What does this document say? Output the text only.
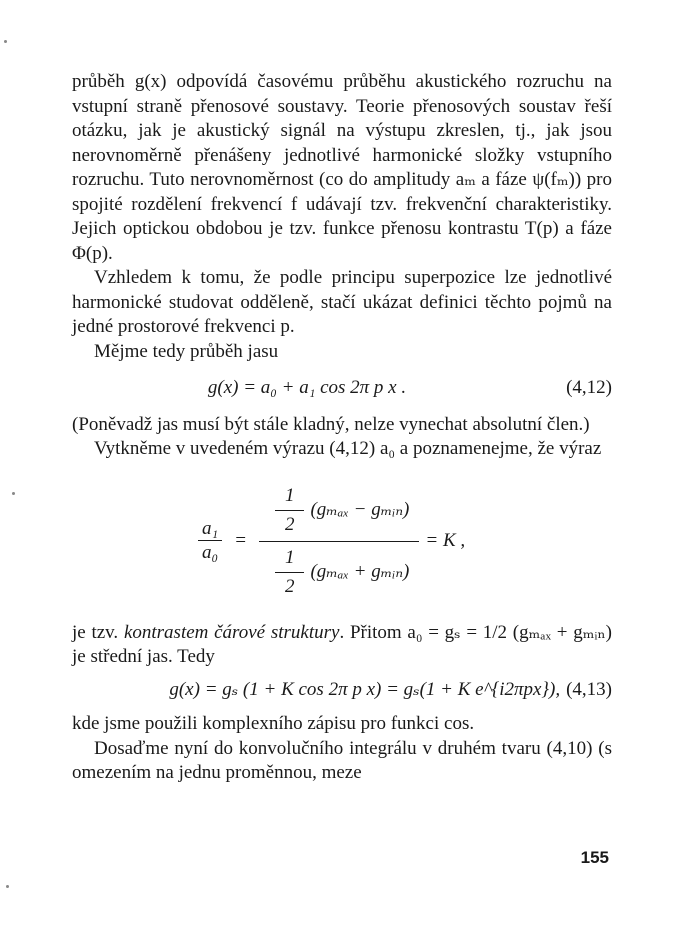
průběh g(x) odpovídá časovému průběhu akustického rozruchu na vstupní straně přenosové soustavy. Teorie přenosových soustav řeší otázku, jak je akustický signál na výstupu zkreslen, tj., jak jsou nerovnoměrně přenášeny jednotlivé harmonické složky vstupního rozruchu. Tuto nerovnoměrnost (co do amplitudy aₘ a fáze ψ(fₘ)) pro spojité rozdělení frekvencí f udávají tzv. frekvenční charakteristiky. Jejich optickou obdobou je tzv. funkce přenosu kontrastu T(p) a fáze Φ(p).

Vzhledem k tomu, že podle principu superpozice lze jednotlivé harmonické studovat odděleně, stačí ukázat definici těchto pojmů na jedné prostorové frekvenci p.

Mějme tedy průběh jasu

g(x) = a₀ + a₁ cos 2π p x .	(4,12)

(Poněvadž jas musí být stále kladný, nelze vynechat absolutní člen.)

Vytkněme v uvedeném výrazu (4,12) a₀ a poznamenejme, že výraz

$\frac{\text{a₁}}{\text{a₀}}$ =
$\frac{1}{2} (g_{max}$ − gₘᵢₙ)
$\frac{1}{2} (g_{max}$ + gₘᵢₙ)
= K ,

je tzv. kontrastem čárové struktury. Přitom a₀ = gₛ = 1/2 (gₘₐₓ + gₘᵢₙ) je střední jas. Tedy

g(x) = gₛ (1 + K cos 2π p x) = gₛ(1 + K e^{i2πpx}), (4,13)

kde jsme použili komplexního zápisu pro funkci cos.

Dosaďme nyní do konvolučního integrálu v druhém tvaru (4,10) (s omezením na jednu proměnnou, meze

155
